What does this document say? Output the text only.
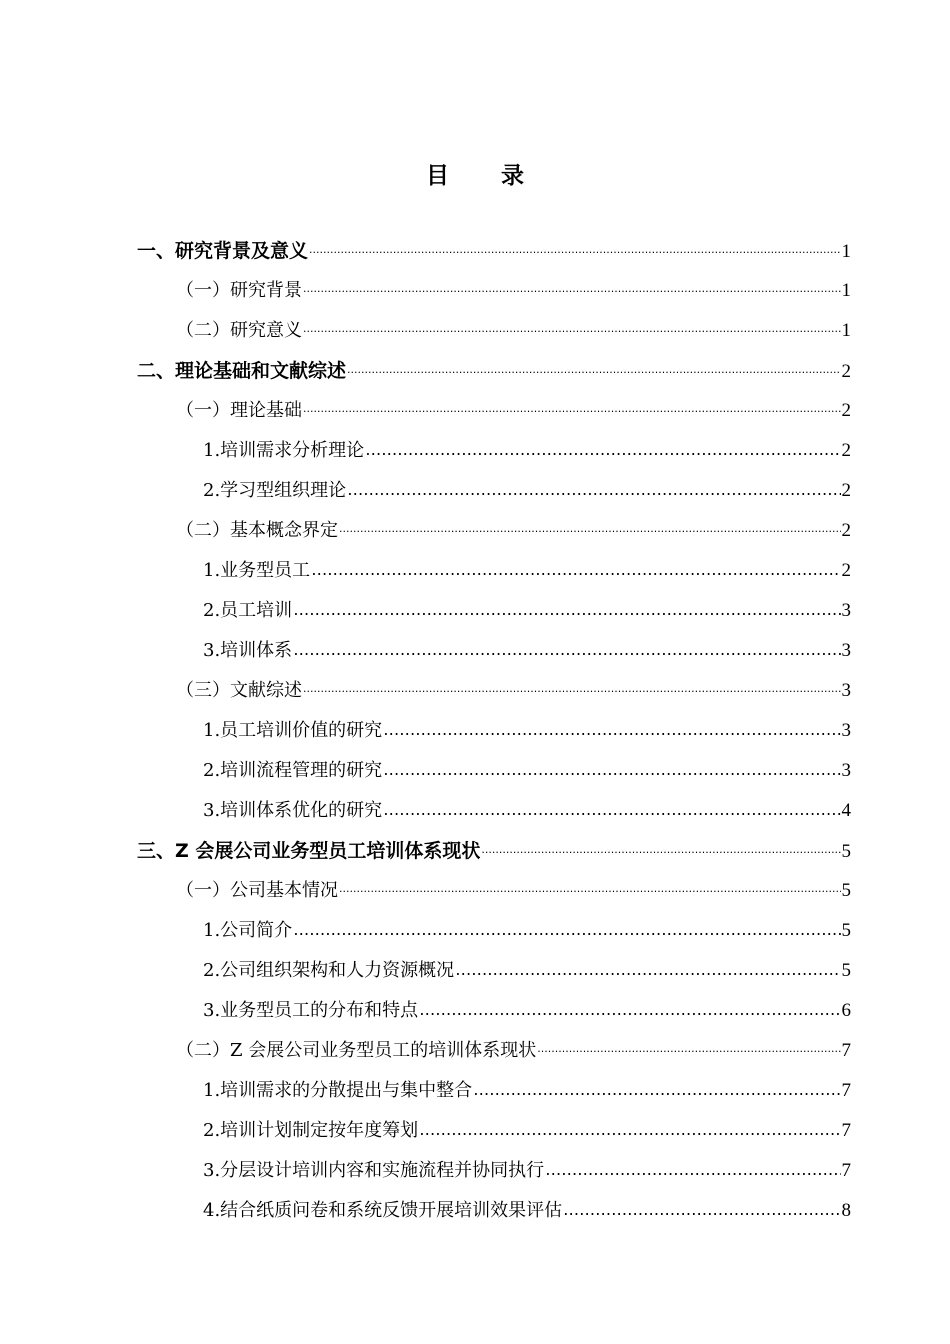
目 录
一、研究背景及意义 ·····	1
（一）研究背景 ·····	1
（二）研究意义 ·····	1
二、理论基础和文献综述 ·····	2
（一）理论基础 ·····	2
1.培训需求分析理论 …………………………………………………………………………………………………………………………………………	2
2.学习型组织理论 …………………………………………………………………………………………………………………………………………	2
（二）基本概念界定 ·····	2
1.业务型员工 …………………………………………………………………………………………………………………………………………	2
2.员工培训 …………………………………………………………………………………………………………………………………………	3
3.培训体系 …………………………………………………………………………………………………………………………………………	3
（三）文献综述 ·····	3
1.员工培训价值的研究 …………………………………………………………………………………………………………………………………………	3
2.培训流程管理的研究 …………………………………………………………………………………………………………………………………………	3
3.培训体系优化的研究 …………………………………………………………………………………………………………………………………………	4
三、Z 会展公司业务型员工培训体系现状 ·····	5
（一）公司基本情况 ·····	5
1.公司简介 …………………………………………………………………………………………………………………………………………	5
2.公司组织架构和人力资源概况 …………………………………………………………………………………………………………………………………………	5
3.业务型员工的分布和特点 …………………………………………………………………………………………………………………………………………	6
（二）Z 会展公司业务型员工的培训体系现状 ·····	7
1.培训需求的分散提出与集中整合 …………………………………………………………………………………………………………………………………………	7
2.培训计划制定按年度筹划 …………………………………………………………………………………………………………………………………………	7
3.分层设计培训内容和实施流程并协同执行 …………………………………………………………………………………………………………………………………………	7
4.结合纸质问卷和系统反馈开展培训效果评估 …………………………………………………………………………………………………………………………………………	8
